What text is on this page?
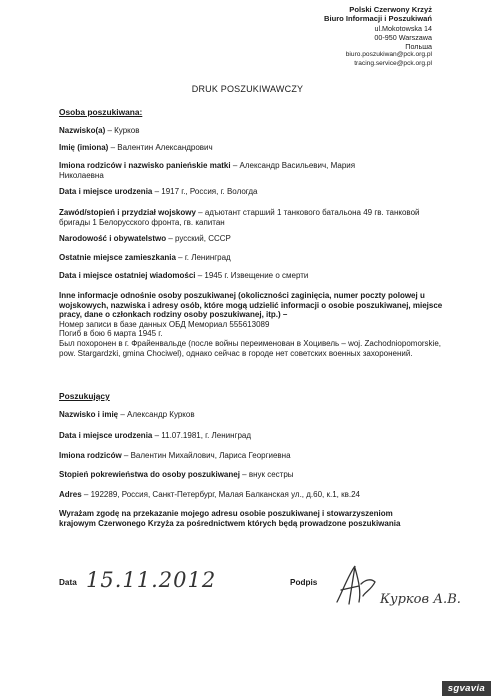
Polski Czerwony Krzyż
Biuro Informacji i Poszukiwań
ul.Mokotowska 14
00-950 Warszawa
Польша
biuro.poszukiwan@pck.org.pl
tracing.service@pck.org.pl
DRUK POSZUKIWAWCZY
Osoba poszukiwana:
Nazwisko(a) – Курков
Imię (imiona) – Валентин Александрович
Imiona rodziców i nazwisko panieńskie matki – Александр Васильевич, Мария Николаевна
Data i miejsce urodzenia – 1917 г., Россия, г. Вологда
Zawód/stopień i przydział wojskowy – адъютант старший 1 танкового батальона 49 гв. танковой бригады 1 Белорусского фронта, гв. капитан
Narodowość i obywatelstwo – русский, СССР
Ostatnie miejsce zamieszkania – г. Ленинград
Data i miejsce ostatniej wiadomości – 1945 г. Извещение о смерти
Inne informacje odnośnie osoby poszukiwanej (okoliczności zaginięcia, numer poczty polowej u wojskowych, nazwiska i adresy osób, które mogą udzielić informacji o osobie poszukiwanej, miejsce pracy, dane o członkach rodziny osoby poszukiwanej, itp.) –
Номер записи в базе данных ОБД Мемориал 555613089
Погиб в бою 6 марта 1945 г.
Был похоронен в г. Фрайенвальде (после войны переименован в Хоцивель – woj. Zachodniopomorskie, pow. Stargardzki, gmina Chociwel), однако сейчас в городе нет советских военных захоронений.
Poszukujący
Nazwisko i imię – Александр Курков
Data i miejsce urodzenia – 11.07.1981, г. Ленинград
Imiona rodziców – Валентин Михайлович, Лариса Георгиевна
Stopień pokrewieństwa do osoby poszukiwanej – внук сестры
Adres – 192289, Россия, Санкт-Петербург, Малая Балканская ул., д.60, к.1, кв.24
Wyrażam zgodę na przekazanie mojego adresu osobie poszukiwanej i stowarzyszeniom krajowym Czerwonego Krzyża za pośrednictwem których będą prowadzone poszukiwania
Data 15.11.2012	Podpis
Курков А.В.
sgvavia
